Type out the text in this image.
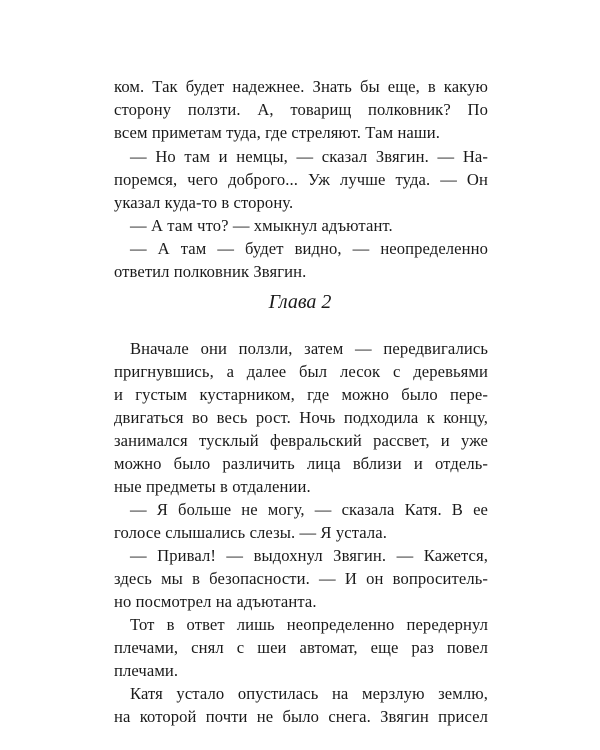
ком. Так будет надежнее. Знать бы еще, в какую
сторону ползти. А, товарищ полковник? По
всем приметам туда, где стреляют. Там наши.
— Но там и немцы, — сказал Звягин. — На-
поремся, чего доброго... Уж лучше туда. — Он
указал куда-то в сторону.
— А там что? — хмыкнул адъютант.
— А там — будет видно, — неопределенно
ответил полковник Звягин.
Глава 2
Вначале они ползли, затем — передвигались
пригнувшись, а далее был лесок с деревьями
и густым кустарником, где можно было пере-
двигаться во весь рост. Ночь подходила к концу,
занимался тусклый февральский рассвет, и уже
можно было различить лица вблизи и отдель-
ные предметы в отдалении.
— Я больше не могу, — сказала Катя. В ее
голосе слышались слезы. — Я устала.
— Привал! — выдохнул Звягин. — Кажется,
здесь мы в безопасности. — И он вопроситель-
но посмотрел на адъютанта.
Тот в ответ лишь неопределенно передернул
плечами, снял с шеи автомат, еще раз повел
плечами.
Катя устало опустилась на мерзлую землю,
на которой почти не было снега. Звягин присел
